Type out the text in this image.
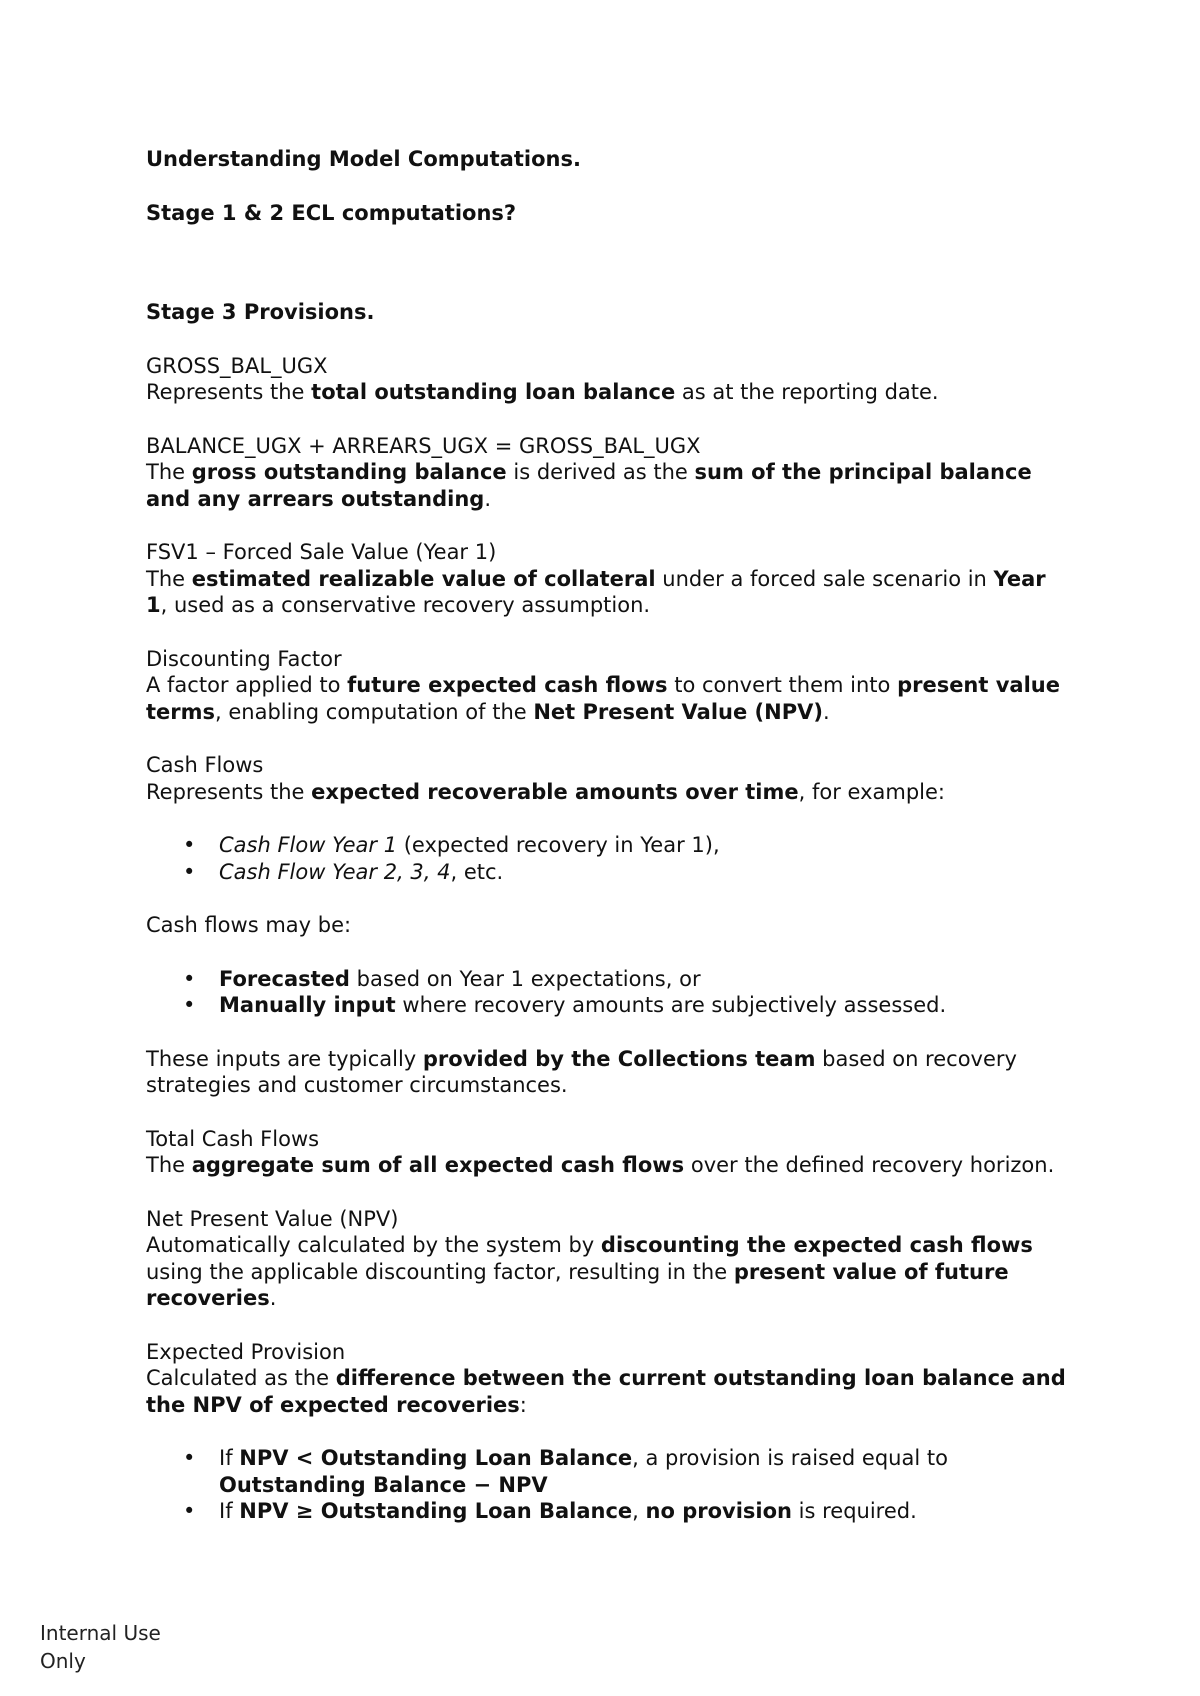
Understanding Model Computations.
Stage 1 & 2 ECL computations?
Stage 3 Provisions.
GROSS_BAL_UGX
Represents the total outstanding loan balance as at the reporting date.
BALANCE_UGX + ARREARS_UGX = GROSS_BAL_UGX
The gross outstanding balance is derived as the sum of the principal balance and any arrears outstanding.
FSV1 – Forced Sale Value (Year 1)
The estimated realizable value of collateral under a forced sale scenario in Year 1, used as a conservative recovery assumption.
Discounting Factor
A factor applied to future expected cash flows to convert them into present value terms, enabling computation of the Net Present Value (NPV).
Cash Flows
Represents the expected recoverable amounts over time, for example:
• Cash Flow Year 1 (expected recovery in Year 1),
• Cash Flow Year 2, 3, 4, etc.
Cash flows may be:
• Forecasted based on Year 1 expectations, or
• Manually input where recovery amounts are subjectively assessed.
These inputs are typically provided by the Collections team based on recovery strategies and customer circumstances.
Total Cash Flows
The aggregate sum of all expected cash flows over the defined recovery horizon.
Net Present Value (NPV)
Automatically calculated by the system by discounting the expected cash flows using the applicable discounting factor, resulting in the present value of future recoveries.
Expected Provision
Calculated as the difference between the current outstanding loan balance and the NPV of expected recoveries:
• If NPV < Outstanding Loan Balance, a provision is raised equal to Outstanding Balance − NPV
• If NPV ≥ Outstanding Loan Balance, no provision is required.
Internal Use Only
